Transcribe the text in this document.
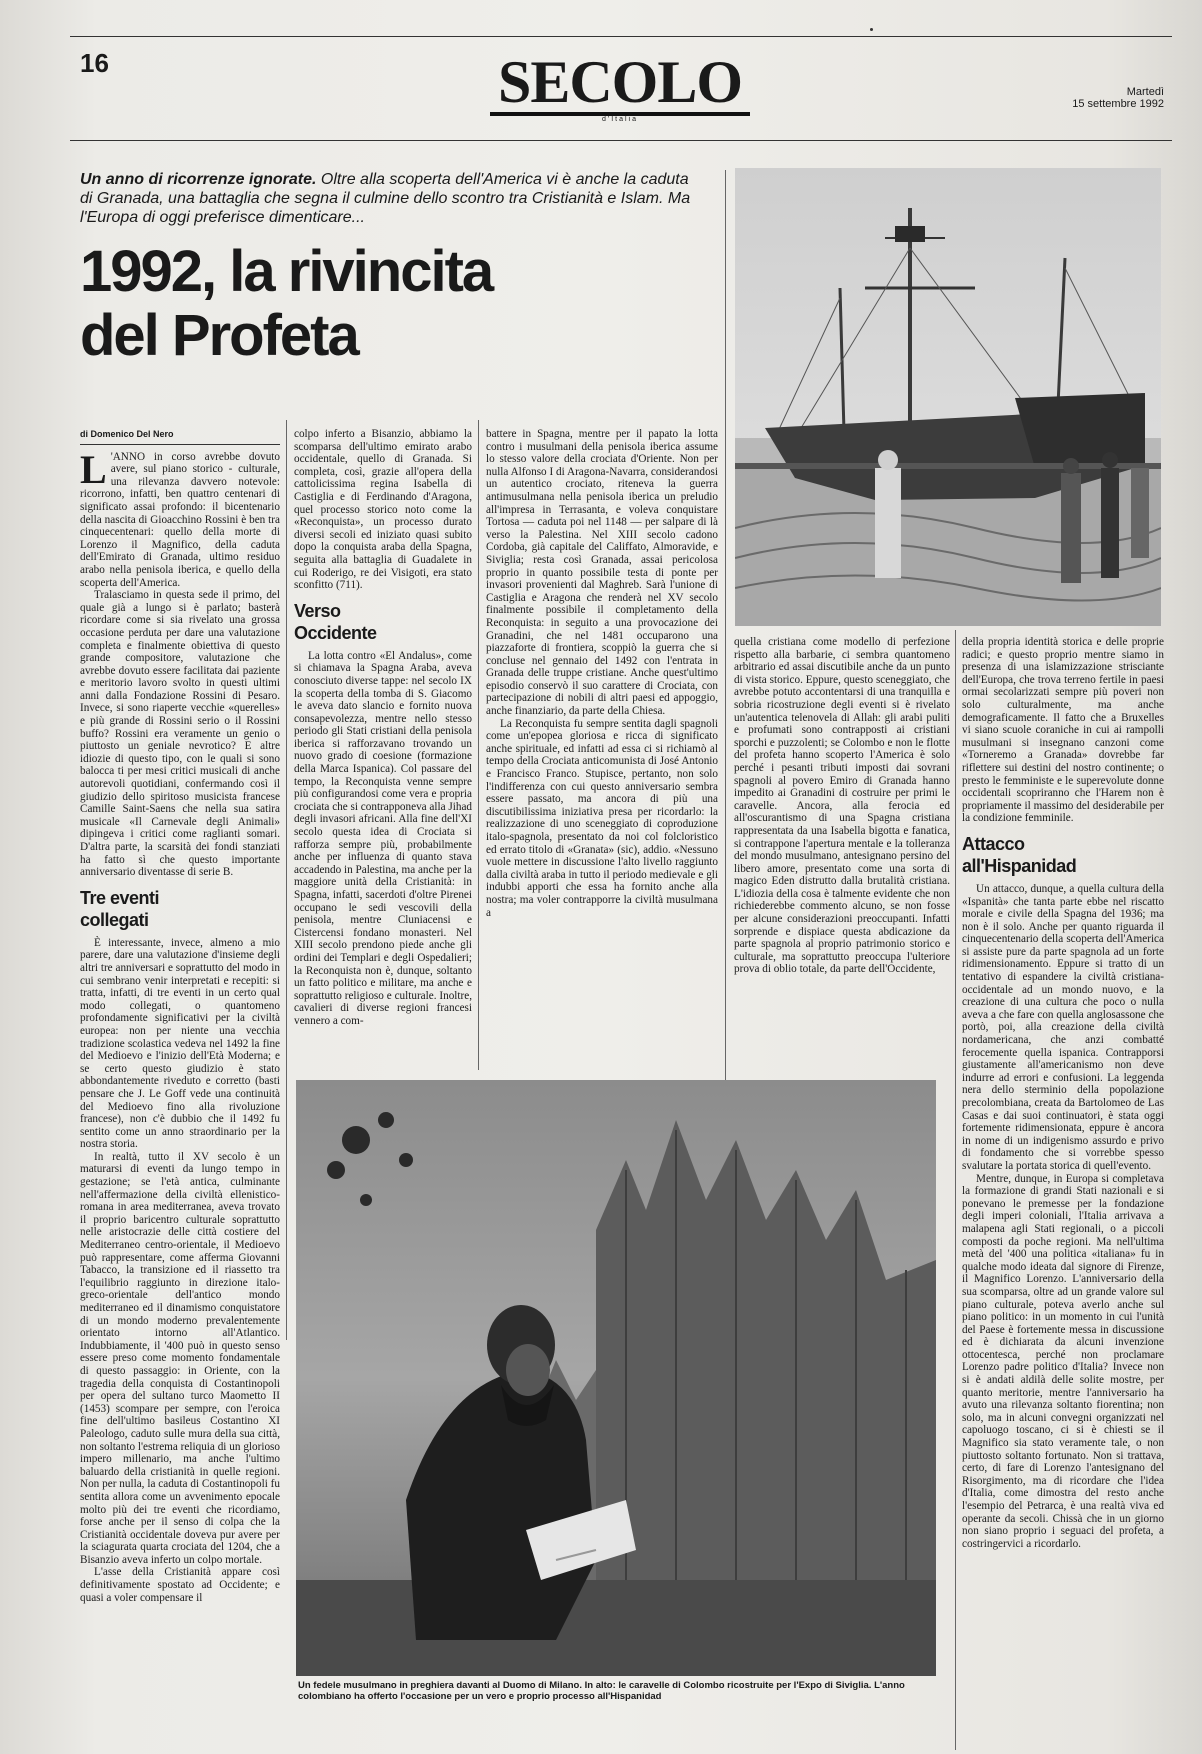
16	SECOLO
d'Italia
Martedì
15 settembre 1992
Un anno di ricorrenze ignorate. Oltre alla scoperta dell'America vi è anche la caduta di Granada, una battaglia che segna il culmine dello scontro tra Cristianità e Islam. Ma l'Europa di oggi preferisce dimenticare...
1992, la rivincita
del Profeta
di Domenico Del Nero

L 'ANNO in corso avrebbe dovuto avere, sul piano storico - culturale, una rilevanza davvero notevole: ricorrono, infatti, ben quattro centenari di significato assai profondo: il bicentenario della nascita di Gioacchino Rossini è ben tra cinquecentenari: quello della morte di Lorenzo il Magnifico, della caduta dell'Emirato di Granada, ultimo residuo arabo nella penisola iberica, e quello della scoperta dell'America.

Tralasciamo in questa sede il primo, del quale già a lungo si è parlato; basterà ricordare come si sia rivelato una grossa occasione perduta per dare una valutazione completa e finalmente obiettiva di questo grande compositore, valutazione che avrebbe dovuto essere facilitata dai paziente e meritorio lavoro svolto in questi ultimi anni dalla Fondazione Rossini di Pesaro. Invece, si sono riaperte vecchie «querelles» e più grande di Rossini serio o il Rossini buffo? Rossini era veramente un genio o piuttosto un geniale nevrotico? E altre idiozie di questo tipo, con le quali si sono balocca ti per mesi critici musicali di anche autorevoli quotidiani, confermando così il giudizio dello spiritoso musicista francese Camille Saint-Saens che nella sua satira musicale «Il Carnevale degli Animali» dipingeva i critici come raglianti somari. D'altra parte, la scarsità dei fondi stanziati ha fatto sì che questo importante anniversario diventasse di serie B.

Tre eventi
collegati

È interessante, invece, almeno a mio parere, dare una valutazione d'insieme degli altri tre anniversari e soprattutto del modo in cui sembrano venir interpretati e recepiti: si tratta, infatti, di tre eventi in un certo qual modo collegati, o quantomeno profondamente significativi per la civiltà europea: non per niente una vecchia tradizione scolastica vedeva nel 1492 la fine del Medioevo e l'inizio dell'Età Moderna; e se certo questo giudizio è stato abbondantemente riveduto e corretto (basti pensare che J. Le Goff vede una continuità del Medioevo fino alla rivoluzione francese), non c'è dubbio che il 1492 fu sentito come un anno straordinario per la nostra storia.

In realtà, tutto il XV secolo è un maturarsi di eventi da lungo tempo in gestazione; se l'età antica, culminante nell'affermazione della civiltà ellenistico-romana in area mediterranea, aveva trovato il proprio baricentro culturale soprattutto nelle aristocrazie delle città costiere del Mediterraneo centro-orientale, il Medioevo può rappresentare, come afferma Giovanni Tabacco, la transizione ed il riassetto tra l'equilibrio raggiunto in direzione italo-greco-orientale dell'antico mondo mediterraneo ed il dinamismo conquistatore di un mondo moderno prevalentemente orientato intorno all'Atlantico. Indubbiamente, il '400 può in questo senso essere preso come momento fondamentale di questo passaggio: in Oriente, con la tragedia della conquista di Costantinopoli per opera del sultano turco Maometto II (1453) scompare per sempre, con l'eroica fine dell'ultimo basileus Costantino XI Paleologo, caduto sulle mura della sua città, non soltanto l'estrema reliquia di un glorioso impero millenario, ma anche l'ultimo baluardo della cristianità in quelle regioni. Non per nulla, la caduta di Costantinopoli fu sentita allora come un avvenimento epocale molto più dei tre eventi che ricordiamo, forse anche per il senso di colpa che la Cristianità occidentale doveva pur avere per la sciagurata quarta crociata del 1204, che a Bisanzio aveva inferto un colpo mortale.

L'asse della Cristianità appare così definitivamente spostato ad Occidente; e quasi a voler compensare il

colpo inferto a Bisanzio, abbiamo la scomparsa dell'ultimo emirato arabo occidentale, quello di Granada. Si completa, così, grazie all'opera della cattolicissima regina Isabella di Castiglia e di Ferdinando d'Aragona, quel processo storico noto come la «Reconquista», un processo durato diversi secoli ed iniziato quasi subito dopo la conquista araba della Spagna, seguita alla battaglia di Guadalete in cui Roderigo, re dei Visigoti, era stato sconfitto (711).

Verso
Occidente

La lotta contro «El Andalus», come si chiamava la Spagna Araba, aveva conosciuto diverse tappe: nel secolo IX la scoperta della tomba di S. Giacomo le aveva dato slancio e fornito nuova consapevolezza, mentre nello stesso periodo gli Stati cristiani della penisola iberica si rafforzavano trovando un nuovo grado di coesione (formazione della Marca Ispanica). Col passare del tempo, la Reconquista venne sempre più configurandosi come vera e propria crociata che si contrapponeva alla Jihad degli invasori africani. Alla fine dell'XI secolo questa idea di Crociata si rafforza sempre più, probabilmente anche per influenza di quanto stava accadendo in Palestina, ma anche per la maggiore unità della Cristianità: in Spagna, infatti, sacerdoti d'oltre Pirenei occupano le sedi vescovili della penisola, mentre Cluniacensi e Cistercensi fondano monasteri. Nel XIII secolo prendono piede anche gli ordini dei Templari e degli Ospedalieri; la Reconquista non è, dunque, soltanto un fatto politico e militare, ma anche e soprattutto religioso e culturale. Inoltre, cavalieri di diverse regioni francesi vennero a com-

battere in Spagna, mentre per il papato la lotta contro i musulmani della penisola iberica assume lo stesso valore della crociata d'Oriente. Non per nulla Alfonso I di Aragona-Navarra, considerandosi un autentico crociato, riteneva la guerra antimusulmana nella penisola iberica un preludio all'impresa in Terrasanta, e voleva conquistare Tortosa — caduta poi nel 1148 — per salpare di là verso la Palestina. Nel XIII secolo cadono Cordoba, già capitale del Califfato, Almoravide, e Siviglia; resta così Granada, assai pericolosa proprio in quanto possibile testa di ponte per invasori provenienti dal Maghreb. Sarà l'unione di Castiglia e Aragona che renderà nel XV secolo finalmente possibile il completamento della Reconquista: in seguito a una provocazione dei Granadini, che nel 1481 occuparono una piazzaforte di frontiera, scoppiò la guerra che si concluse nel gennaio del 1492 con l'entrata in Granada delle truppe cristiane. Anche quest'ultimo episodio conservò il suo carattere di Crociata, con partecipazione di nobili di altri paesi ed appoggio, anche finanziario, da parte della Chiesa.

La Reconquista fu sempre sentita dagli spagnoli come un'epopea gloriosa e ricca di significato anche spirituale, ed infatti ad essa ci si richiamò al tempo della Crociata anticomunista di José Antonio e Francisco Franco. Stupisce, pertanto, non solo l'indifferenza con cui questo anniversario sembra essere passato, ma ancora di più una discutibilissima iniziativa presa per ricordarlo: la realizzazione di uno sceneggiato di coproduzione italo-spagnola, presentato da noi col folcloristico ed errato titolo di «Granata» (sic), addio. «Nessuno vuole mettere in discussione l'alto livello raggiunto dalla civiltà araba in tutto il periodo medievale e gli indubbi apporti che essa ha fornito anche alla nostra; ma voler contrapporre la civiltà musulmana a

quella cristiana come modello di perfezione rispetto alla barbarie, ci sembra quantomeno arbitrario ed assai discutibile anche da un punto di vista storico. Eppure, questo sceneggiato, che avrebbe potuto accontentarsi di una tranquilla e sobria ricostruzione degli eventi si è rivelato un'autentica telenovela di Allah: gli arabi puliti e profumati sono contrapposti ai cristiani sporchi e puzzolenti; se Colombo e non le flotte del profeta hanno scoperto l'America è solo perché i pesanti tributi imposti dai sovrani spagnoli al povero Emiro di Granada hanno impedito ai Granadini di costruire per primi le caravelle. Ancora, alla ferocia ed all'oscurantismo di una Spagna cristiana rappresentata da una Isabella bigotta e fanatica, si contrappone l'apertura mentale e la tolleranza del mondo musulmano, antesignano persino del libero amore, presentato come una sorta di magico Eden distrutto dalla brutalità cristiana. L'idiozia della cosa è talmente evidente che non richiederebbe commento alcuno, se non fosse per alcune considerazioni preoccupanti. Infatti sorprende e dispiace questa abdicazione da parte spagnola al proprio patrimonio storico e culturale, ma soprattutto preoccupa l'ulteriore prova di oblio totale, da parte dell'Occidente,

della propria identità storica e delle proprie radici; e questo proprio mentre siamo in presenza di una islamizzazione strisciante dell'Europa, che trova terreno fertile in paesi ormai secolarizzati sempre più poveri non solo culturalmente, ma anche demograficamente. Il fatto che a Bruxelles vi siano scuole coraniche in cui ai rampolli musulmani si insegnano canzoni come «Torneremo a Granada» dovrebbe far riflettere sui destini del nostro continente; o presto le femministe e le superevolute donne occidentali scopriranno che l'Harem non è propriamente il massimo del desiderabile per la condizione femminile.

Attacco
all'Hispanidad

Un attacco, dunque, a quella cultura della «Ispanità» che tanta parte ebbe nel riscatto morale e civile della Spagna del 1936; ma non è il solo. Anche per quanto riguarda il cinquecentenario della scoperta dell'America si assiste pure da parte spagnola ad un forte ridimensionamento. Eppure si tratto di un tentativo di espandere la civiltà cristiana-occidentale ad un mondo nuovo, e la creazione di una cultura che poco o nulla aveva a che fare con quella anglosassone che portò, poi, alla creazione della civiltà nordamericana, che anzi combatté ferocemente quella ispanica. Contrapporsi giustamente all'americanismo non deve indurre ad errori e confusioni. La leggenda nera dello sterminio della popolazione precolombiana, creata da Bartolomeo de Las Casas e dai suoi continuatori, è stata oggi fortemente ridimensionata, eppure è ancora in nome di un indigenismo assurdo e privo di fondamento che si vorrebbe spesso svalutare la portata storica di quell'evento.

Mentre, dunque, in Europa si completava la formazione di grandi Stati nazionali e si ponevano le premesse per la fondazione degli imperi coloniali, l'Italia arrivava a malapena agli Stati regionali, o a piccoli composti da poche regioni. Ma nell'ultima metà del '400 una politica «italiana» fu in qualche modo ideata dal signore di Firenze, il Magnifico Lorenzo. L'anniversario della sua scomparsa, oltre ad un grande valore sul piano culturale, poteva averlo anche sul piano politico: in un momento in cui l'unità del Paese è fortemente messa in discussione ed è dichiarata da alcuni invenzione ottocentesca, perché non proclamare Lorenzo padre politico d'Italia? Invece non si è andati aldilà delle solite mostre, per quanto meritorie, mentre l'anniversario ha avuto una rilevanza soltanto fiorentina; non solo, ma in alcuni convegni organizzati nel capoluogo toscano, ci si è chiesti se il Magnifico sia stato veramente tale, o non piuttosto soltanto fortunato. Non si trattava, certo, di fare di Lorenzo l'antesignano del Risorgimento, ma di ricordare che l'idea d'Italia, come dimostra del resto anche l'esempio del Petrarca, è una realtà viva ed operante da secoli. Chissà che in un giorno non siano proprio i seguaci del profeta, a costringervici a ricordarlo.

Un fedele musulmano in preghiera davanti al Duomo di Milano. In alto: le caravelle di Colombo ricostruite per l'Expo di Siviglia. L'anno colombiano ha offerto l'occasione per un vero e proprio processo all'Hispanidad
